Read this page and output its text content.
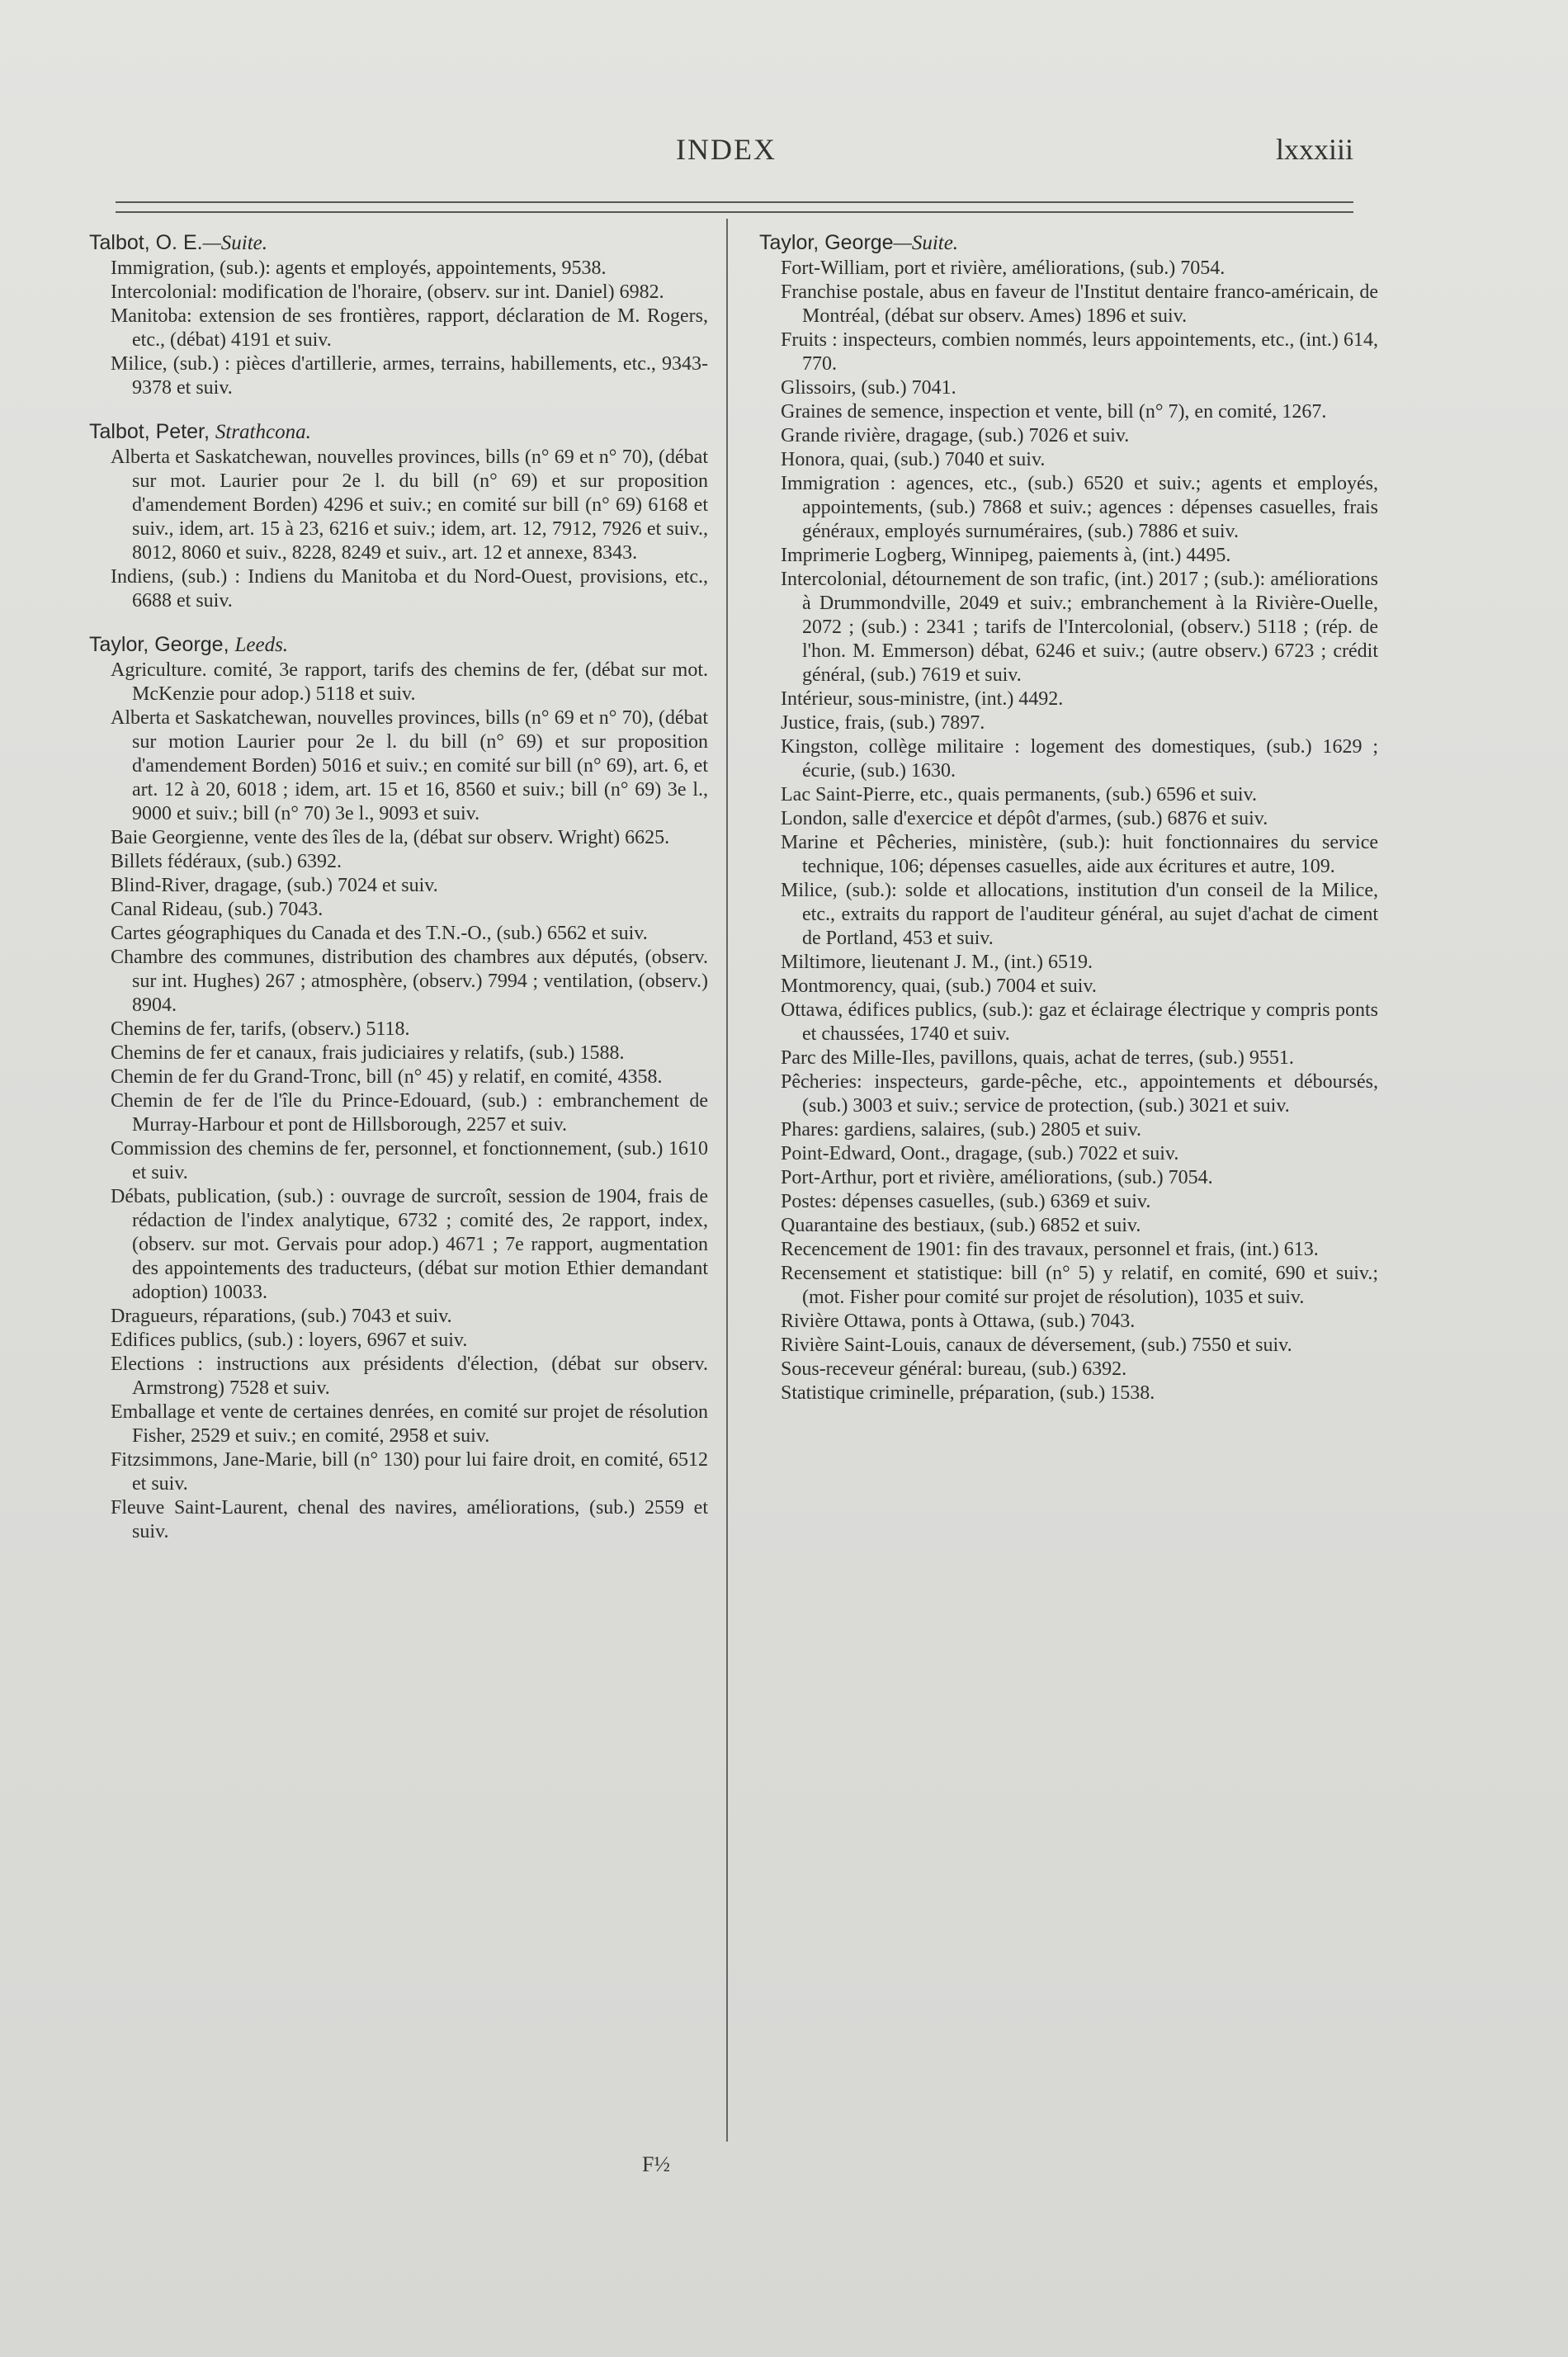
INDEX	lxxxiii
Talbot, O. E.—Suite.

Immigration, (sub.): agents et employés, appointements, 9538.

Intercolonial: modification de l'horaire, (observ. sur int. Daniel) 6982.

Manitoba: extension de ses frontières, rapport, déclaration de M. Rogers, etc., (débat) 4191 et suiv.

Milice, (sub.) : pièces d'artillerie, armes, terrains, habillements, etc., 9343-9378 et suiv.

Talbot, Peter, Strathcona.

Alberta et Saskatchewan, nouvelles provinces, bills (n° 69 et n° 70), (débat sur mot. Laurier pour 2e l. du bill (n° 69) et sur proposition d'amendement Borden) 4296 et suiv.; en comité sur bill (n° 69) 6168 et suiv., idem, art. 15 à 23, 6216 et suiv.; idem, art. 12, 7912, 7926 et suiv., 8012, 8060 et suiv., 8228, 8249 et suiv., art. 12 et annexe, 8343.

Indiens, (sub.) : Indiens du Manitoba et du Nord-Ouest, provisions, etc., 6688 et suiv.

Taylor, George, Leeds.

Agriculture. comité, 3e rapport, tarifs des chemins de fer, (débat sur mot. McKenzie pour adop.) 5118 et suiv.

Alberta et Saskatchewan, nouvelles provinces, bills (n° 69 et n° 70), (débat sur motion Laurier pour 2e l. du bill (n° 69) et sur proposition d'amendement Borden) 5016 et suiv.; en comité sur bill (n° 69), art. 6, et art. 12 à 20, 6018 ; idem, art. 15 et 16, 8560 et suiv.; bill (n° 69) 3e l., 9000 et suiv.; bill (n° 70) 3e l., 9093 et suiv.

Baie Georgienne, vente des îles de la, (débat sur observ. Wright) 6625.

Billets fédéraux, (sub.) 6392.

Blind-River, dragage, (sub.) 7024 et suiv.

Canal Rideau, (sub.) 7043.

Cartes géographiques du Canada et des T.N.-O., (sub.) 6562 et suiv.

Chambre des communes, distribution des chambres aux députés, (observ. sur int. Hughes) 267 ; atmosphère, (observ.) 7994 ; ventilation, (observ.) 8904.

Chemins de fer, tarifs, (observ.) 5118.

Chemins de fer et canaux, frais judiciaires y relatifs, (sub.) 1588.

Chemin de fer du Grand-Tronc, bill (n° 45) y relatif, en comité, 4358.

Chemin de fer de l'île du Prince-Edouard, (sub.) : embranchement de Murray-Harbour et pont de Hillsborough, 2257 et suiv.

Commission des chemins de fer, personnel, et fonctionnement, (sub.) 1610 et suiv.

Débats, publication, (sub.) : ouvrage de surcroît, session de 1904, frais de rédaction de l'index analytique, 6732 ; comité des, 2e rapport, index, (observ. sur mot. Gervais pour adop.) 4671 ; 7e rapport, augmentation des appointements des traducteurs, (débat sur motion Ethier demandant adoption) 10033.

Dragueurs, réparations, (sub.) 7043 et suiv.

Edifices publics, (sub.) : loyers, 6967 et suiv.

Elections : instructions aux présidents d'élection, (débat sur observ. Armstrong) 7528 et suiv.

Emballage et vente de certaines denrées, en comité sur projet de résolution Fisher, 2529 et suiv.; en comité, 2958 et suiv.

Fitzsimmons, Jane-Marie, bill (n° 130) pour lui faire droit, en comité, 6512 et suiv.

Fleuve Saint-Laurent, chenal des navires, améliorations, (sub.) 2559 et suiv.

Taylor, George—Suite.

Fort-William, port et rivière, améliorations, (sub.) 7054.

Franchise postale, abus en faveur de l'Institut dentaire franco-américain, de Montréal, (débat sur observ. Ames) 1896 et suiv.

Fruits : inspecteurs, combien nommés, leurs appointements, etc., (int.) 614, 770.

Glissoirs, (sub.) 7041.

Graines de semence, inspection et vente, bill (n° 7), en comité, 1267.

Grande rivière, dragage, (sub.) 7026 et suiv.

Honora, quai, (sub.) 7040 et suiv.

Immigration : agences, etc., (sub.) 6520 et suiv.; agents et employés, appointements, (sub.) 7868 et suiv.; agences : dépenses casuelles, frais généraux, employés surnuméraires, (sub.) 7886 et suiv.

Imprimerie Logberg, Winnipeg, paiements à, (int.) 4495.

Intercolonial, détournement de son trafic, (int.) 2017 ; (sub.): améliorations à Drummondville, 2049 et suiv.; embranchement à la Rivière-Ouelle, 2072 ; (sub.) : 2341 ; tarifs de l'Intercolonial, (observ.) 5118 ; (rép. de l'hon. M. Emmerson) débat, 6246 et suiv.; (autre observ.) 6723 ; crédit général, (sub.) 7619 et suiv.

Intérieur, sous-ministre, (int.) 4492.

Justice, frais, (sub.) 7897.

Kingston, collège militaire : logement des domestiques, (sub.) 1629 ; écurie, (sub.) 1630.

Lac Saint-Pierre, etc., quais permanents, (sub.) 6596 et suiv.

London, salle d'exercice et dépôt d'armes, (sub.) 6876 et suiv.

Marine et Pêcheries, ministère, (sub.): huit fonctionnaires du service technique, 106; dépenses casuelles, aide aux écritures et autre, 109.

Milice, (sub.): solde et allocations, institution d'un conseil de la Milice, etc., extraits du rapport de l'auditeur général, au sujet d'achat de ciment de Portland, 453 et suiv.

Miltimore, lieutenant J. M., (int.) 6519.

Montmorency, quai, (sub.) 7004 et suiv.

Ottawa, édifices publics, (sub.): gaz et éclairage électrique y compris ponts et chaussées, 1740 et suiv.

Parc des Mille-Iles, pavillons, quais, achat de terres, (sub.) 9551.

Pêcheries: inspecteurs, garde-pêche, etc., appointements et déboursés, (sub.) 3003 et suiv.; service de protection, (sub.) 3021 et suiv.

Phares: gardiens, salaires, (sub.) 2805 et suiv.

Point-Edward, Oont., dragage, (sub.) 7022 et suiv.

Port-Arthur, port et rivière, améliorations, (sub.) 7054.

Postes: dépenses casuelles, (sub.) 6369 et suiv.

Quarantaine des bestiaux, (sub.) 6852 et suiv.

Recencement de 1901: fin des travaux, personnel et frais, (int.) 613.

Recensement et statistique: bill (n° 5) y relatif, en comité, 690 et suiv.; (mot. Fisher pour comité sur projet de résolution), 1035 et suiv.

Rivière Ottawa, ponts à Ottawa, (sub.) 7043.

Rivière Saint-Louis, canaux de déversement, (sub.) 7550 et suiv.

Sous-receveur général: bureau, (sub.) 6392.

Statistique criminelle, préparation, (sub.) 1538.

F½
